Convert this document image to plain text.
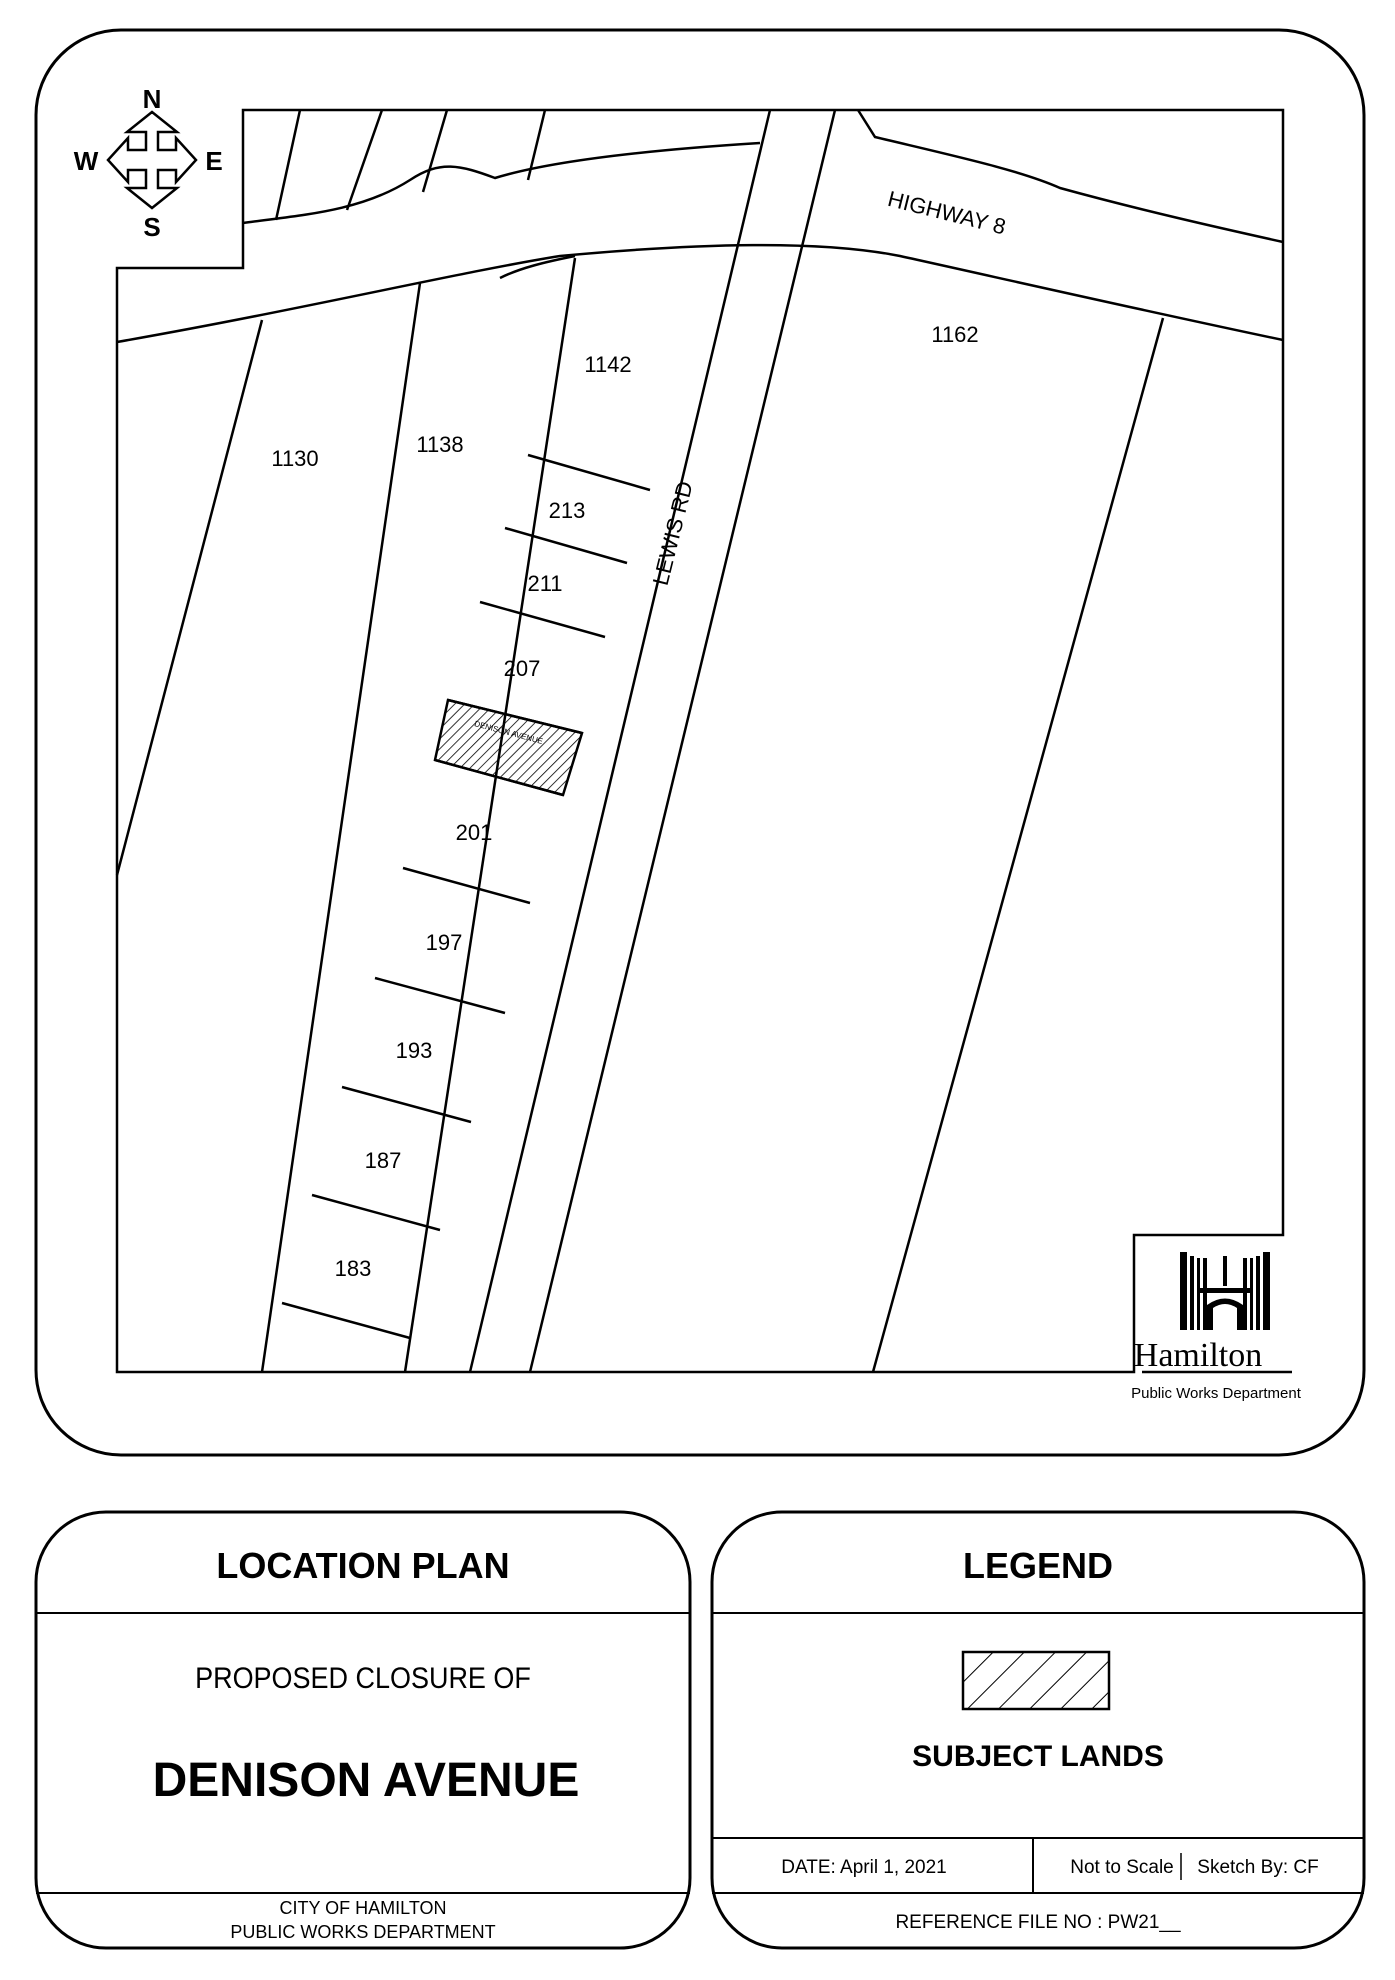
DENISON AVENUE
HIGHWAY 8
LEWIS RD
1142
1130
1138
1162
213
211
207
201
197
193
187
183
N
S
W	E
Hamilton
Public Works Department
LOCATION PLAN
PROPOSED CLOSURE OF
DENISON AVENUE
CITY OF HAMILTON
PUBLIC WORKS DEPARTMENT
LEGEND
SUBJECT LANDS
DATE: April 1, 2021	Not to Scale Sketch By: CF
REFERENCE FILE NO : PW21__
